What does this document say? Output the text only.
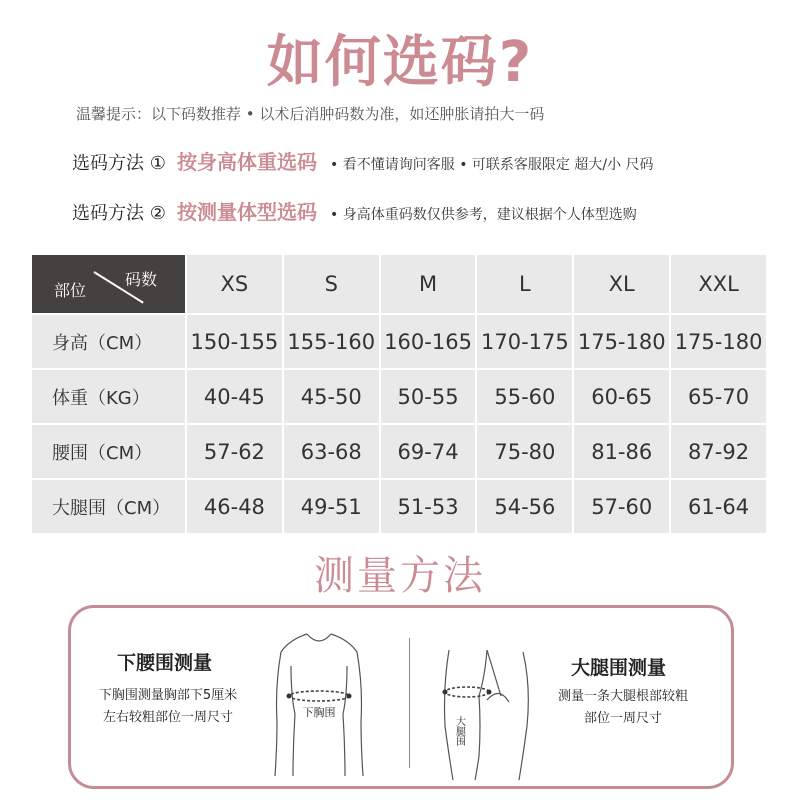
如何选码?
温馨提示：以下码数推荐 • 以术后消肿码数为准，如还肿胀请拍大一码
选码方法 ① 按身高体重选码 • 看不懂请询问客服 • 可联系客服限定 超大/小 尺码
选码方法 ② 按测量体型选码 • 身高体重码数仅供参考，建议根据个人体型选购
部位
码数	XS	S	M	L	XL	XXL
身高（CM）	150-155	155-160	160-165	170-175	175-180	175-180
体重（KG）	40-45	45-50	50-55	55-60	60-65	65-70
腰围（CM）	57-62	63-68	69-74	75-80	81-86	87-92
大腿围（CM）	46-48	49-51	51-53	54-56	57-60	61-64
测量方法
下腰围测量
下胸围测量胸部下5厘米
左右较粗部位一周尺寸	下胸围
大腿围
大腿围测量
测量一条大腿根部较粗
部位一周尺寸
